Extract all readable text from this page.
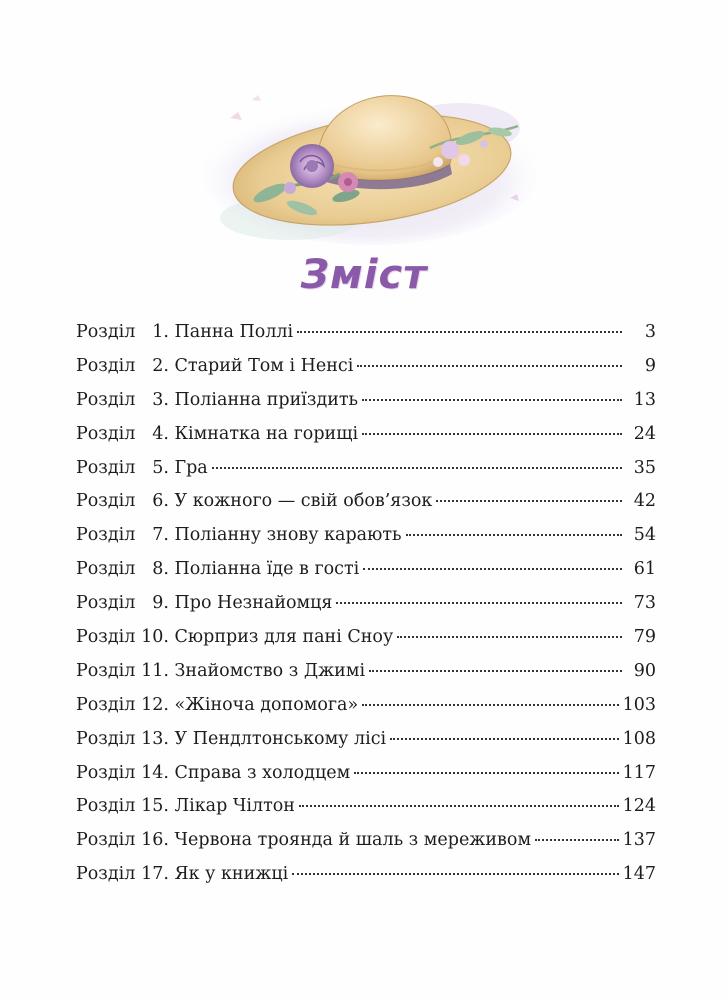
Зміст
Розділ 1 . Панна Поллі	3
Розділ 2 . Старий Том і Ненсі	9
Розділ 3 . Поліанна приїздить	13
Розділ 4 . Кімнатка на горищі	24
Розділ 5 . Гра	35
Розділ 6 . У кожного — свій обов’язок	42
Розділ 7 . Поліанну знову карають	54
Розділ 8 . Поліанна їде в гості	61
Розділ 9 . Про Незнайомця	73
Розділ 10 . Сюрприз для пані Сноу	79
Розділ 11 . Знайомство з Джимі	90
Розділ 12 . «Жіноча допомога»	103
Розділ 13 . У Пендлтонському лісі	108
Розділ 14 . Справа з холодцем	117
Розділ 15 . Лікар Чілтон	124
Розділ 16 . Червона троянда й шаль з мереживом	137
Розділ 17 . Як у книжці	147
